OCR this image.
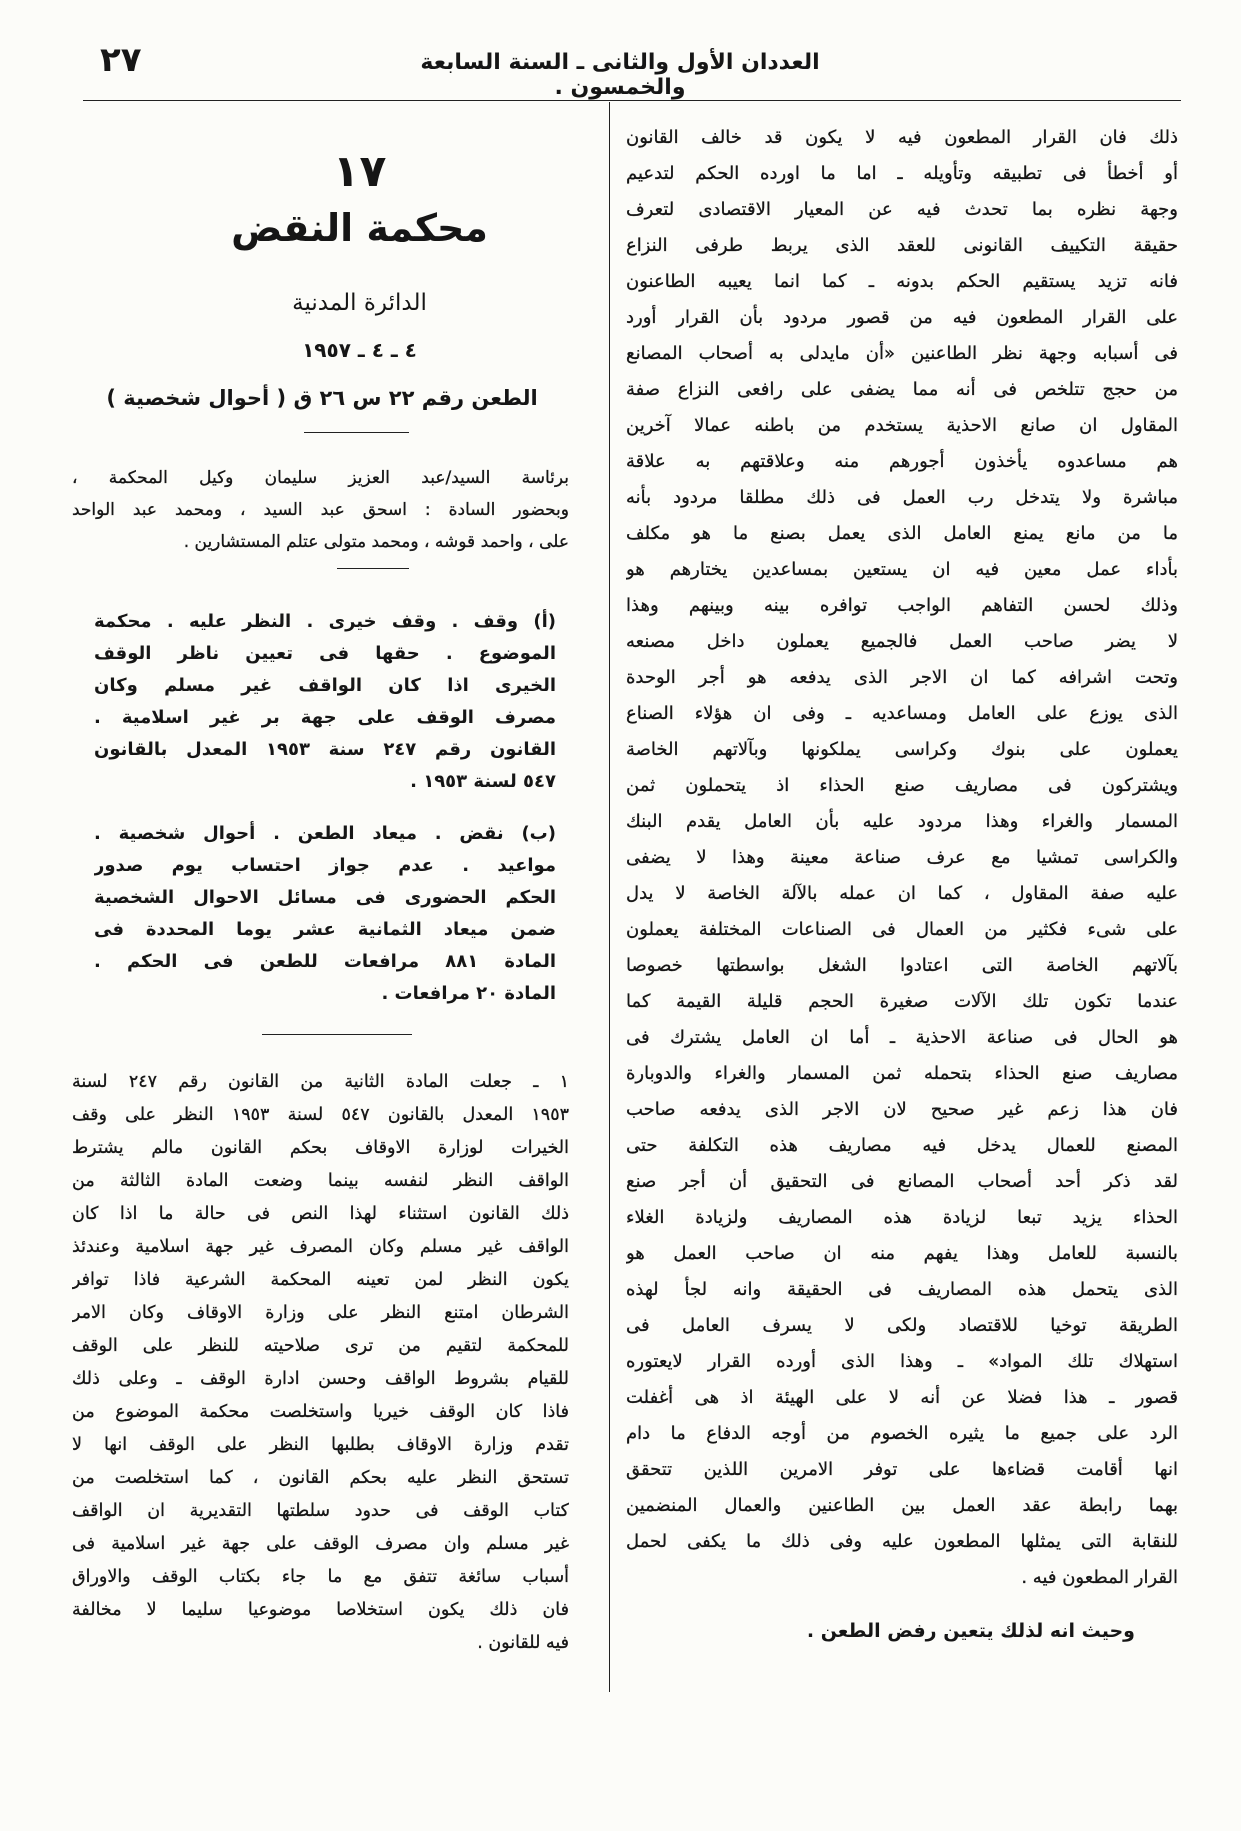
٢٧	العددان الأول والثانى ـ السنة السابعة والخمسون .
وحيث انه لذلك يتعين رفض الطعن .
ذلك فان القرار المطعون فيه لا يكون قد خالف القانون
أو أخطأ فى تطبيقه وتأويله ـ اما ما اورده الحكم لتدعيم
وجهة نظره بما تحدث فيه عن المعيار الاقتصادى لتعرف
حقيقة التكييف القانونى للعقد الذى يربط طرفى النزاع
فانه تزيد يستقيم الحكم بدونه ـ كما انما يعيبه الطاعنون
على القرار المطعون فيه من قصور مردود بأن القرار أورد
فى أسبابه وجهة نظر الطاعنين «أن مايدلى به أصحاب المصانع
من حجج تتلخص فى أنه مما يضفى على رافعى النزاع صفة
المقاول ان صانع الاحذية يستخدم من باطنه عمالا آخرين
هم مساعدوه يأخذون أجورهم منه وعلاقتهم به علاقة
مباشرة ولا يتدخل رب العمل فى ذلك مطلقا مردود بأنه
ما من مانع يمنع العامل الذى يعمل بصنع ما هو مكلف
بأداء عمل معين فيه ان يستعين بمساعدين يختارهم هو
وذلك لحسن التفاهم الواجب توافره بينه وبينهم وهذا
لا يضر صاحب العمل فالجميع يعملون داخل مصنعه
وتحت اشرافه كما ان الاجر الذى يدفعه هو أجر الوحدة
الذى يوزع على العامل ومساعديه ـ وفى ان هؤلاء الصناع
يعملون على بنوك وكراسى يملكونها وبآلاتهم الخاصة
ويشتركون فى مصاريف صنع الحذاء اذ يتحملون ثمن
المسمار والغراء وهذا مردود عليه بأن العامل يقدم البنك
والكراسى تمشيا مع عرف صناعة معينة وهذا لا يضفى
عليه صفة المقاول ، كما ان عمله بالآلة الخاصة لا يدل
على شىء فكثير من العمال فى الصناعات المختلفة يعملون
بآلاتهم الخاصة التى اعتادوا الشغل بواسطتها خصوصا
عندما تكون تلك الآلات صغيرة الحجم قليلة القيمة كما
هو الحال فى صناعة الاحذية ـ أما ان العامل يشترك فى
مصاريف صنع الحذاء بتحمله ثمن المسمار والغراء والدوبارة
فان هذا زعم غير صحيح لان الاجر الذى يدفعه صاحب
المصنع للعمال يدخل فيه مصاريف هذه التكلفة حتى
لقد ذكر أحد أصحاب المصانع فى التحقيق أن أجر صنع
الحذاء يزيد تبعا لزيادة هذه المصاريف ولزيادة الغلاء
بالنسبة للعامل وهذا يفهم منه ان صاحب العمل هو
الذى يتحمل هذه المصاريف فى الحقيقة وانه لجأ لهذه
الطريقة توخيا للاقتصاد ولكى لا يسرف العامل فى
استهلاك تلك المواد» ـ وهذا الذى أورده القرار لايعتوره
قصور ـ هذا فضلا عن أنه لا على الهيئة اذ هى أغفلت
الرد على جميع ما يثيره الخصوم من أوجه الدفاع ما دام
انها أقامت قضاءها على توفر الامرين اللذين تتحقق
بهما رابطة عقد العمل بين الطاعنين والعمال المنضمين
للنقابة التى يمثلها المطعون عليه وفى ذلك ما يكفى لحمل
القرار المطعون فيه .
١٧
محكمة النقض
الدائرة المدنية
٤ ـ ٤ ـ ١٩٥٧
الطعن رقم ٢٢ س ٢٦ ق ( أحوال شخصية )
برئاسة السيد/عبد العزيز سليمان وكيل المحكمة ،
وبحضور السادة : اسحق عبد السيد ، ومحمد عبد الواحد
على ، واحمد قوشه ، ومحمد متولى عتلم المستشارين .
(أ) وقف . وقف خيرى . النظر عليه . محكمة
الموضوع . حقها فى تعيين ناظر الوقف
الخيرى اذا كان الواقف غير مسلم وكان
مصرف الوقف على جهة بر غير اسلامية .
القانون رقم ٢٤٧ سنة ١٩٥٣ المعدل بالقانون
٥٤٧ لسنة ١٩٥٣ .
(ب) نقض . ميعاد الطعن . أحوال شخصية .
مواعيد . عدم جواز احتساب يوم صدور
الحكم الحضورى فى مسائل الاحوال الشخصية
ضمن ميعاد الثمانية عشر يوما المحددة فى
المادة ٨٨١ مرافعات للطعن فى الحكم .
المادة ٢٠ مرافعات .
١ ـ جعلت المادة الثانية من القانون رقم ٢٤٧ لسنة
١٩٥٣ المعدل بالقانون ٥٤٧ لسنة ١٩٥٣ النظر على وقف
الخيرات لوزارة الاوقاف بحكم القانون مالم يشترط
الواقف النظر لنفسه بينما وضعت المادة الثالثة من
ذلك القانون استثناء لهذا النص فى حالة ما اذا كان
الواقف غير مسلم وكان المصرف غير جهة اسلامية وعندئذ
يكون النظر لمن تعينه المحكمة الشرعية فاذا توافر
الشرطان امتنع النظر على وزارة الاوقاف وكان الامر
للمحكمة لتقيم من ترى صلاحيته للنظر على الوقف
للقيام بشروط الواقف وحسن ادارة الوقف ـ وعلى ذلك
فاذا كان الوقف خيريا واستخلصت محكمة الموضوع من
تقدم وزارة الاوقاف بطلبها النظر على الوقف انها لا
تستحق النظر عليه بحكم القانون ، كما استخلصت من
كتاب الوقف فى حدود سلطتها التقديرية ان الواقف
غير مسلم وان مصرف الوقف على جهة غير اسلامية فى
أسباب سائغة تتفق مع ما جاء بكتاب الوقف والاوراق
فان ذلك يكون استخلاصا موضوعيا سليما لا مخالفة
فيه للقانون .
